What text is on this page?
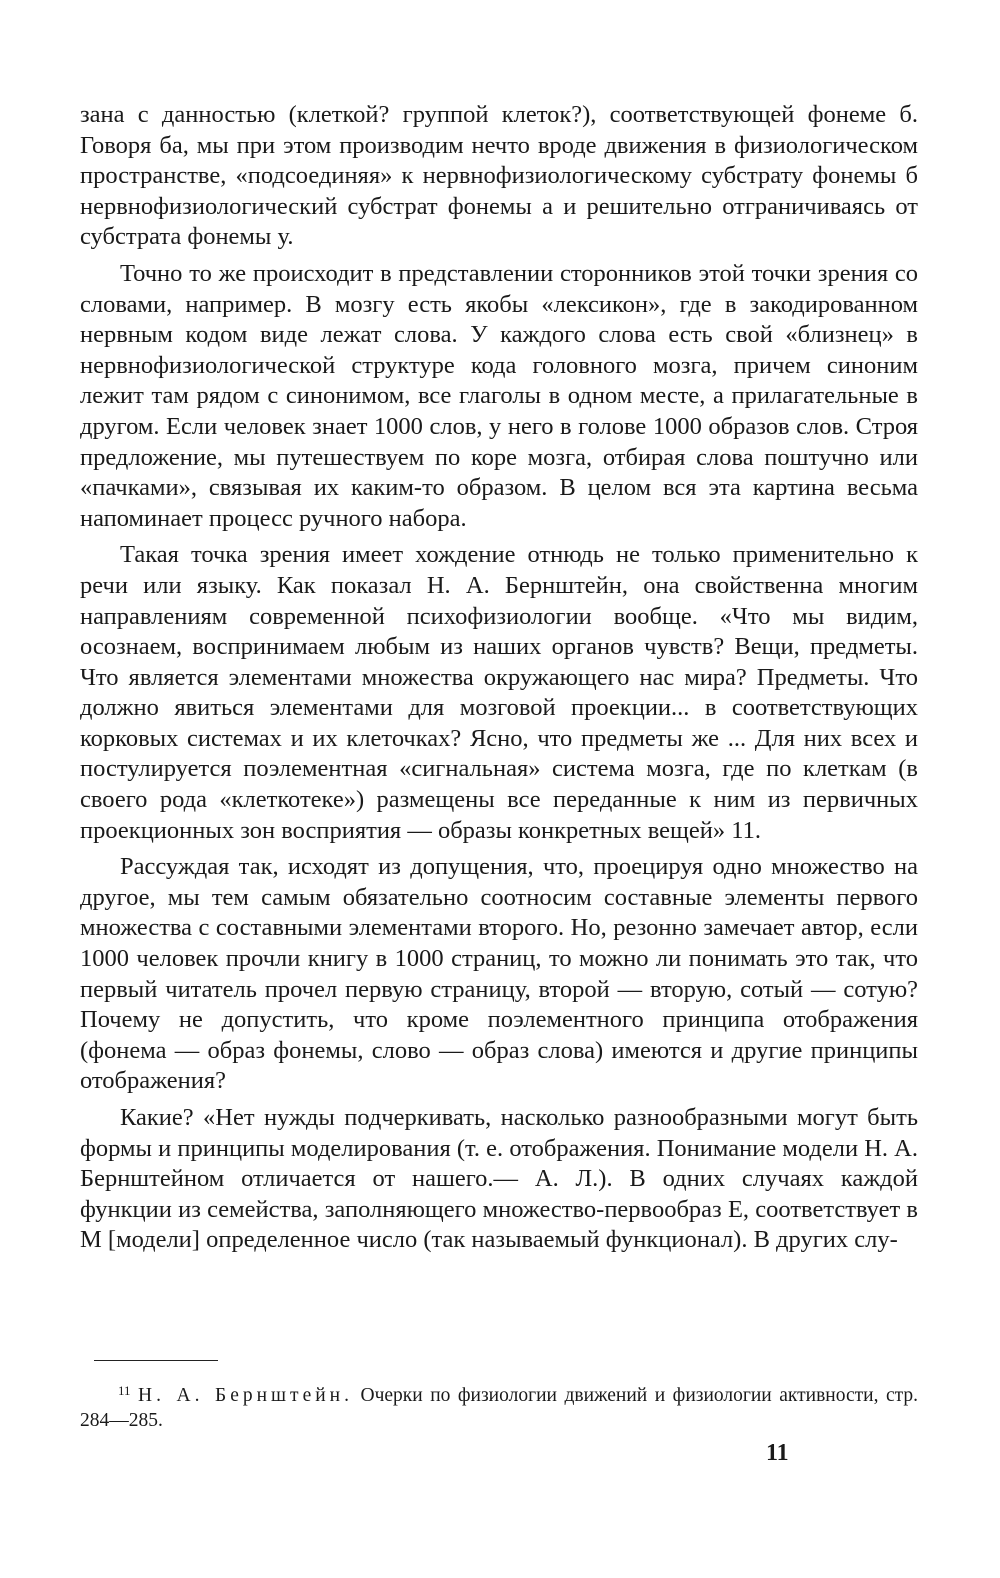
зана с данностью (клеткой? группой клеток?), соответствующей фонеме б. Говоря ба, мы при этом производим нечто вроде движения в физиологическом пространстве, «подсоединяя» к нервнофизиологическому субстрату фонемы б нервнофизиологический субстрат фонемы а и решительно отграничиваясь от субстрата фонемы у.

Точно то же происходит в представлении сторонников этой точки зрения со словами, например. В мозгу есть якобы «лексикон», где в закодированном нервным кодом виде лежат слова. У каждого слова есть свой «близнец» в нервнофизиологической структуре кода головного мозга, причем синоним лежит там рядом с синонимом, все глаголы в одном месте, а прилагательные в другом. Если человек знает 1000 слов, у него в голове 1000 образов слов. Строя предложение, мы путешествуем по коре мозга, отбирая слова поштучно или «пачками», связывая их каким-то образом. В целом вся эта картина весьма напоминает процесс ручного набора.

Такая точка зрения имеет хождение отнюдь не только применительно к речи или языку. Как показал Н. А. Бернштейн, она свойственна многим направлениям современной психофизиологии вообще. «Что мы видим, осознаем, воспринимаем любым из наших органов чувств? Вещи, предметы. Что является элементами множества окружающего нас мира? Предметы. Что должно явиться элементами для мозговой проекции... в соответствующих корковых системах и их клеточках? Ясно, что предметы же ... Для них всех и постулируется поэлементная «сигнальная» система мозга, где по клеткам (в своего рода «клеткотеке») размещены все переданные к ним из первичных проекционных зон восприятия — образы конкретных вещей» 11.

Рассуждая так, исходят из допущения, что, проецируя одно множество на другое, мы тем самым обязательно соотносим составные элементы первого множества с составными элементами второго. Но, резонно замечает автор, если 1000 человек прочли книгу в 1000 страниц, то можно ли понимать это так, что первый читатель прочел первую страницу, второй — вторую, сотый — сотую? Почему не допустить, что кроме поэлементного принципа отображения (фонема — образ фонемы, слово — образ слова) имеются и другие принципы отображения?

Какие? «Нет нужды подчеркивать, насколько разнообразными могут быть формы и принципы моделирования (т. е. отображения. Понимание модели Н. А. Бернштейном отличается от нашего.— А. Л.). В одних случаях каждой функции из семейства, заполняющего множество-первообраз E, соответствует в M [модели] определенное число (так называемый функционал). В других слу-

$^{11}$ Н. А. Бернштейн. Очерки по физиологии движений и физиологии активности, стр. 284—285.
11
